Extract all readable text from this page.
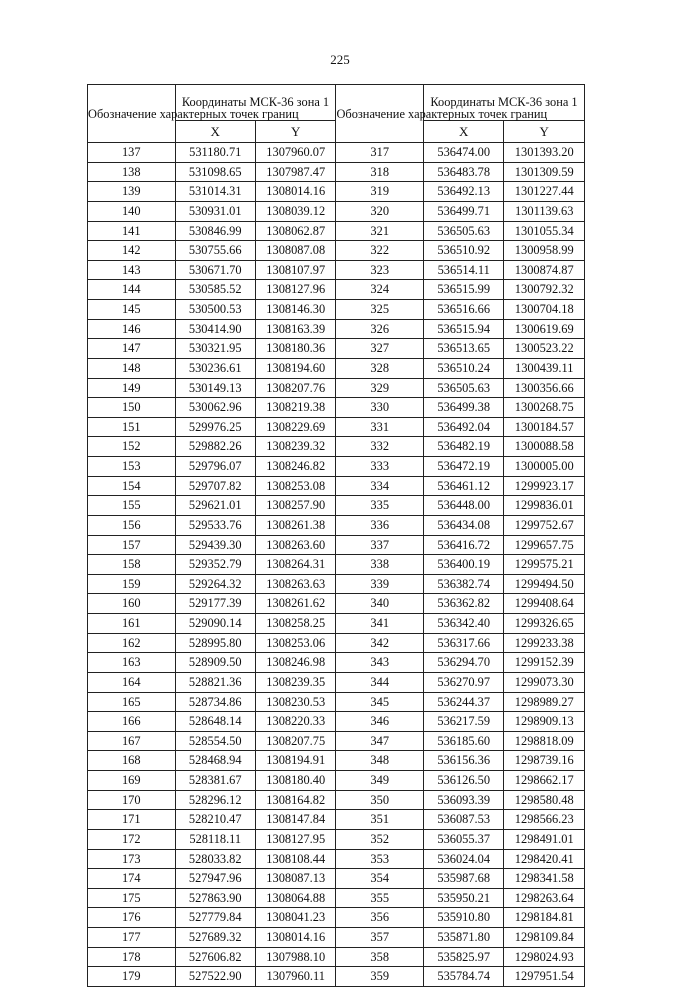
225
Обозначение характерных точек границ	Координаты МСК-36 зона 1		Обозначение характерных точек границ	Координаты МСК-36 зона 1	
	X	Y		X	Y
137	531180.71	1307960.07	317	536474.00	1301393.20
138	531098.65	1307987.47	318	536483.78	1301309.59
139	531014.31	1308014.16	319	536492.13	1301227.44
140	530931.01	1308039.12	320	536499.71	1301139.63
141	530846.99	1308062.87	321	536505.63	1301055.34
142	530755.66	1308087.08	322	536510.92	1300958.99
143	530671.70	1308107.97	323	536514.11	1300874.87
144	530585.52	1308127.96	324	536515.99	1300792.32
145	530500.53	1308146.30	325	536516.66	1300704.18
146	530414.90	1308163.39	326	536515.94	1300619.69
147	530321.95	1308180.36	327	536513.65	1300523.22
148	530236.61	1308194.60	328	536510.24	1300439.11
149	530149.13	1308207.76	329	536505.63	1300356.66
150	530062.96	1308219.38	330	536499.38	1300268.75
151	529976.25	1308229.69	331	536492.04	1300184.57
152	529882.26	1308239.32	332	536482.19	1300088.58
153	529796.07	1308246.82	333	536472.19	1300005.00
154	529707.82	1308253.08	334	536461.12	1299923.17
155	529621.01	1308257.90	335	536448.00	1299836.01
156	529533.76	1308261.38	336	536434.08	1299752.67
157	529439.30	1308263.60	337	536416.72	1299657.75
158	529352.79	1308264.31	338	536400.19	1299575.21
159	529264.32	1308263.63	339	536382.74	1299494.50
160	529177.39	1308261.62	340	536362.82	1299408.64
161	529090.14	1308258.25	341	536342.40	1299326.65
162	528995.80	1308253.06	342	536317.66	1299233.38
163	528909.50	1308246.98	343	536294.70	1299152.39
164	528821.36	1308239.35	344	536270.97	1299073.30
165	528734.86	1308230.53	345	536244.37	1298989.27
166	528648.14	1308220.33	346	536217.59	1298909.13
167	528554.50	1308207.75	347	536185.60	1298818.09
168	528468.94	1308194.91	348	536156.36	1298739.16
169	528381.67	1308180.40	349	536126.50	1298662.17
170	528296.12	1308164.82	350	536093.39	1298580.48
171	528210.47	1308147.84	351	536087.53	1298566.23
172	528118.11	1308127.95	352	536055.37	1298491.01
173	528033.82	1308108.44	353	536024.04	1298420.41
174	527947.96	1308087.13	354	535987.68	1298341.58
175	527863.90	1308064.88	355	535950.21	1298263.64
176	527779.84	1308041.23	356	535910.80	1298184.81
177	527689.32	1308014.16	357	535871.80	1298109.84
178	527606.82	1307988.10	358	535825.97	1298024.93
179	527522.90	1307960.11	359	535784.74	1297951.54
